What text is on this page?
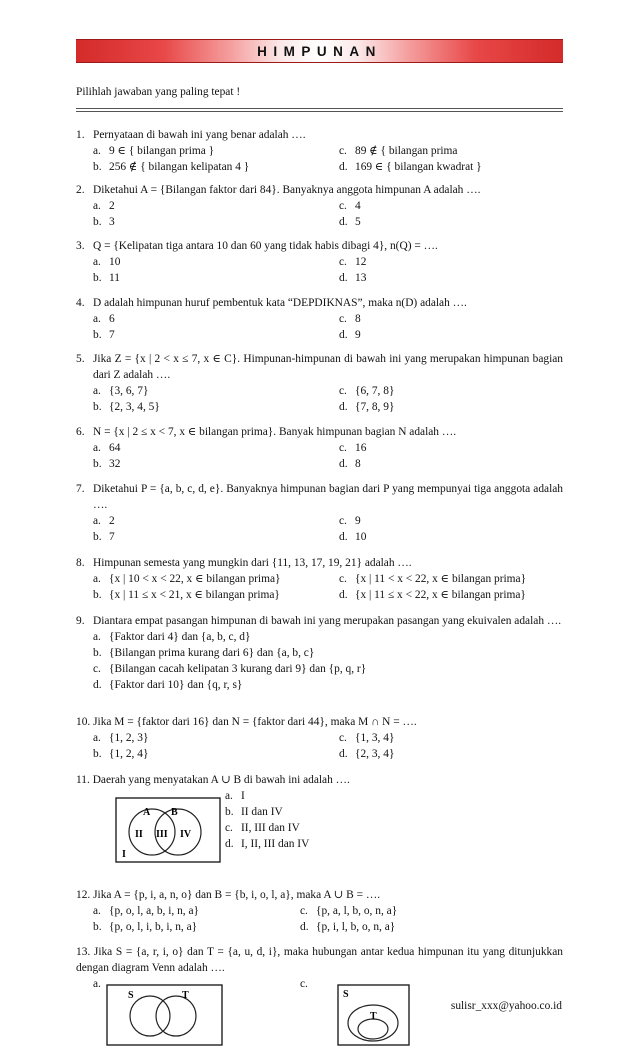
HIMPUNAN
Pilihlah jawaban yang paling tepat !
1. Pernyataan di bawah ini yang benar adalah ….
a. 9 ∈ { bilangan prima }	c. 89 ∉ { bilangan prima
b. 256 ∉ { bilangan kelipatan 4 }	d. 169 ∈ { bilangan kwadrat }
2. Diketahui A = {Bilangan faktor dari 84}. Banyaknya anggota himpunan A adalah ….
a. 2	c. 4
b. 3	d. 5
3. Q = {Kelipatan tiga antara 10 dan 60 yang tidak habis dibagi 4}, n(Q) = ….
a. 10	c. 12
b. 11	d. 13
4. D adalah himpunan huruf pembentuk kata “DEPDIKNAS”, maka n(D) adalah ….
a. 6	c. 8
b. 7	d. 9
5. Jika Z = {x | 2 < x ≤ 7, x ∈ C}. Himpunan-himpunan di bawah ini yang merupakan himpunan bagian dari Z adalah ….
a. {3, 6, 7}	c. {6, 7, 8}
b. {2, 3, 4, 5}	d. {7, 8, 9}
6. N = {x | 2 ≤ x < 7, x ∈ bilangan prima}. Banyak himpunan bagian N adalah ….
a. 64	c. 16
b. 32	d. 8
7. Diketahui P = {a, b, c, d, e}. Banyaknya himpunan bagian dari P yang mempunyai tiga anggota adalah ….
a. 2	c. 9
b. 7	d. 10
8. Himpunan semesta yang mungkin dari {11, 13, 17, 19, 21} adalah ….
a. {x | 10 < x < 22, x ∈ bilangan prima}	c. {x | 11 < x < 22, x ∈ bilangan prima}
b. {x | 11 ≤ x < 21, x ∈ bilangan prima}	d. {x | 11 ≤ x < 22, x ∈ bilangan prima}
9. Diantara empat pasangan himpunan di bawah ini yang merupakan pasangan yang ekuivalen adalah ….
a. {Faktor dari 4} dan {a, b, c, d}
b. {Bilangan prima kurang dari 6} dan {a, b, c}
c. {Bilangan cacah kelipatan 3 kurang dari 9} dan {p, q, r}
d. {Faktor dari 10} dan {q, r, s}
10. Jika M = {faktor dari 16} dan N = {faktor dari 44}, maka M ∩ N = ….
a. {1, 2, 3}	c. {1, 3, 4}
b. {1, 2, 4}	d. {2, 3, 4}
11. Daerah yang menyatakan A ∪ B di bawah ini adalah ….
a. I
b. II dan IV
c. II, III dan IV
d. I, II, III dan IV
A B
II III IV
I
12. Jika A = {p, i, a, n, o} dan B = {b, i, o, l, a}, maka A ∪ B = ….
a. {p, o, l, a, b, i, n, a}	c. {p, a, l, b, o, n, a}
b. {p, o, l, i, b, i, n, a}	d. {p, i, l, b, o, n, a}
13. Jika S = {a, r, i, o} dan T = {a, u, d, i}, maka hubungan antar kedua himpunan itu yang ditunjukkan dengan diagram Venn adalah ….
a.	c.
S	T	S
T
sulisr_xxx@yahoo.co.id
